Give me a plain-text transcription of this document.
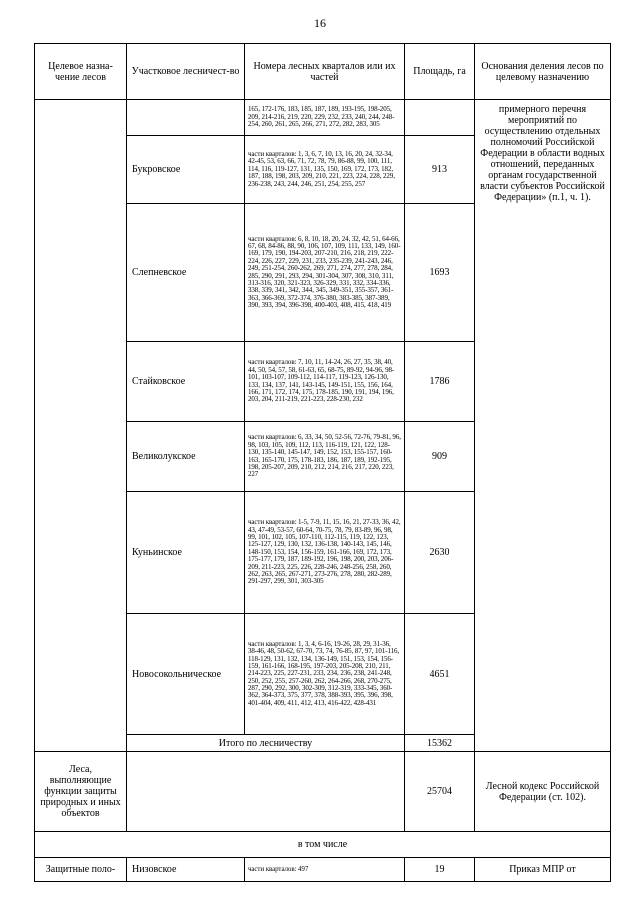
16
Целевое назна-чение лесов	Участковое лесничест-во	Номера лесных кварталов или их частей	Площадь, га	Основания деления лесов по целевому назначению
		165, 172-176, 183, 185, 187, 189, 193-195, 198-205, 209, 214-216, 219, 220, 229, 232, 233, 240, 244, 248-254, 260, 261, 265, 266, 271, 272, 282, 283, 305		примерного перечня мероприятий по осуществлению отдельных полномочий Российской Федерации в области водных отношений, переданных органам государственной власти субъектов Российской Федерации» (п.1, ч. 1).
	Букровское	части кварталов: 1, 3, 6, 7, 10, 13, 16, 20, 24, 32-34, 42-45, 53, 63, 66, 71, 72, 78, 79, 86-88, 99, 100, 111, 114, 116, 119-127, 131, 135, 150, 169, 172, 173, 182, 187, 188, 198, 203, 209, 210, 221, 223, 224, 228, 229, 236-238, 243, 244, 246, 251, 254, 255, 257	913	
	Слепневское	части кварталов: 6, 8, 10, 18, 20, 24, 32, 42, 51, 64-66, 67, 68, 84-86, 88, 90, 106, 107, 109, 111, 133, 149, 160-169, 179, 190, 194-203, 207-210, 216, 218, 219, 222-224, 226, 227, 229, 231, 233, 235-239, 241-243, 246, 249, 251-254, 260-262, 269, 271, 274, 277, 278, 284, 285, 290, 291, 293, 294, 301-304, 307, 308, 310, 311, 313-316, 320, 321-323, 326-329, 331, 332, 334-336, 338, 339, 341, 342, 344, 345, 349-351, 355-357, 361-363, 366-369, 372-374, 376-380, 383-385, 387-389, 390, 393, 394, 396-398, 400-403, 408, 415, 418, 419	1693	
	Стайковское	части кварталов: 7, 10, 11, 14-24, 26, 27, 35, 38, 40, 44, 50, 54, 57, 58, 61-63, 65, 68-75, 89-92, 94-96, 98-101, 103-107, 109-112, 114-117, 119-123, 126-130, 133, 134, 137, 141, 143-145, 149-151, 155, 156, 164, 166, 171, 172, 174, 175, 178-185, 190, 191, 194, 196, 203, 204, 211-219, 221-223, 228-230, 232	1786	
	Великолукское	части кварталов: 6, 33, 34, 50, 52-56, 72-76, 79-81, 96, 98, 103, 105, 109, 112, 113, 116-119, 121, 122, 128-130, 135-140, 145-147, 149, 152, 153, 155-157, 160-163, 165-170, 175, 178-183, 186, 187, 189, 192-195, 198, 205-207, 209, 210, 212, 214, 216, 217, 220, 223, 227	909	
	Куньинское	части кварталов: 1-5, 7-9, 11, 15, 16, 21, 27-33, 36, 42, 43, 47-49, 53-57, 60-64, 70-75, 78, 79, 83-89, 96, 98, 99, 101, 102, 105, 107-110, 112-115, 119, 122, 123, 125-127, 129, 130, 132, 136-138, 140-143, 145, 146, 148-150, 153, 154, 156-159, 161-166, 169, 172, 173, 175-177, 179, 187, 189-192, 196, 198, 200, 203, 206-209, 211-223, 225, 226, 228-246, 248-256, 258, 260, 262, 263, 265, 267-271, 273-276, 278, 280, 282-289, 291-297, 299, 301, 303-305	2630	
	Новосокольническое	части кварталов: 1, 3, 4, 6-16, 19-26, 28, 29, 31-36, 38-46, 48, 50-62, 67-70, 73, 74, 76-85, 87, 97, 101-116, 118-129, 131, 132, 134, 136-149, 151, 153, 154, 156-159, 161-166, 168-195, 197-203, 205-208, 210, 211, 214-223, 225, 227-231, 233, 234, 236, 238, 241-248, 250, 252, 255, 257-260, 262, 264-266, 268, 270-275, 287, 290, 292, 300, 302-309, 312-319, 333-345, 360-362, 364-373, 375, 377, 378, 388-393, 395, 396, 398, 401-404, 409, 411, 412, 413, 416-422, 428-431	4651	
	Итого по лесничеству		15362	
Леса, выполняющие функции защиты природных и иных объектов			25704	Лесной кодекс Российской Федерации (ст. 102).
в том числе				
Защитные поло-	Низовское	части кварталов: 497	19	Приказ МПР от
